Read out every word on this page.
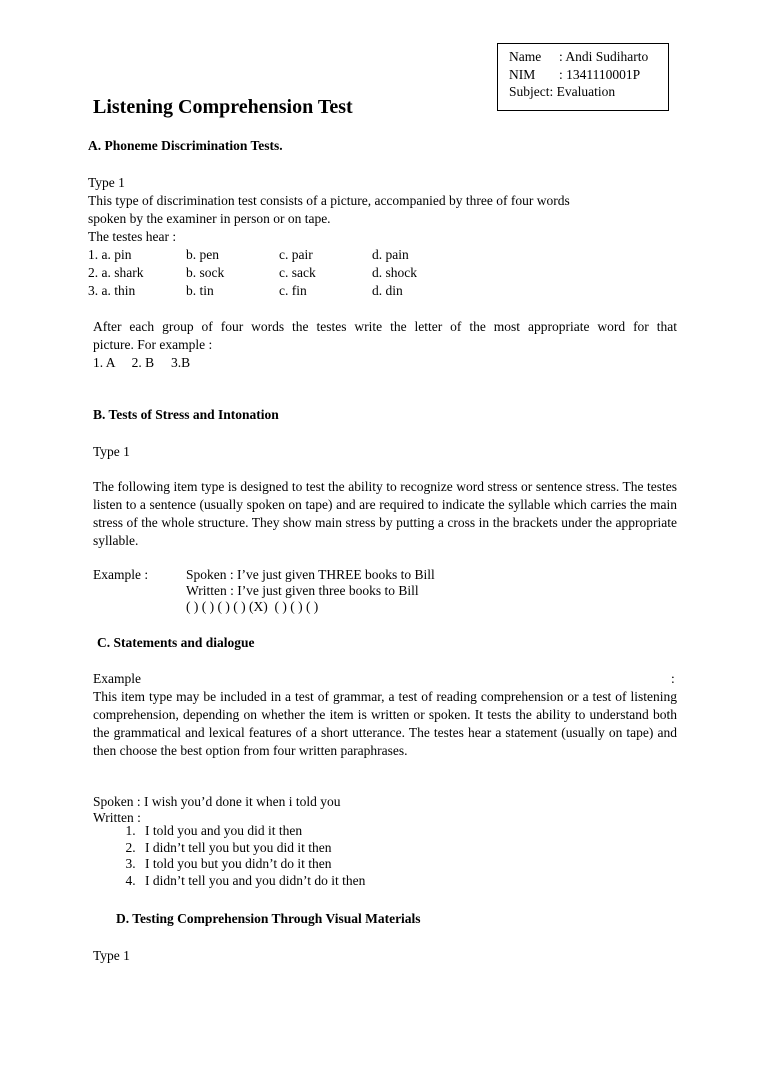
Name : Andi Sudiharto
NIM : 1341110001P
Subject: Evaluation
Listening Comprehension Test
A. Phoneme Discrimination Tests.
Type 1
This type of discrimination test consists of a picture, accompanied by three of four words
spoken by the examiner in person or on tape.
The testes hear :
1. a. pin	b. pen	c. pair	d. pain
2. a. shark	b. sock	c. sack	d. shock
3. a. thin	b. tin	c. fin	d. din
After each group of four words the testes write the letter of the most appropriate word for that
picture. For example :
1. A     2. B     3.B
B. Tests of Stress and Intonation
Type 1
The following item type is designed to test the ability to recognize word stress or sentence stress. The testes listen to a sentence (usually spoken on tape) and are required to indicate the syllable which carries the main stress of the whole structure. They show main stress by putting a cross in the brackets under the appropriate syllable.
Example :	Spoken : I’ve just given THREE books to Bill
Written : I’ve just given three books to Bill
( ) ( ) ( ) ( ) (X)  ( ) ( ) ( )
C. Statements and dialogue
Example	:
This item type may be included in a test of grammar, a test of reading comprehension or a test of listening comprehension, depending on whether the item is written or spoken. It tests the ability to understand both the grammatical and lexical features of a short utterance. The testes hear a statement (usually on tape) and then choose the best option from four written paraphrases.
Spoken : I wish you’d done it when i told you
Written :
1. I told you and you did it then
2. I didn’t tell you but you did it then
3. I told you but you didn’t do it then
4. I didn’t tell you and you didn’t do it then
D. Testing Comprehension Through Visual Materials
Type 1
